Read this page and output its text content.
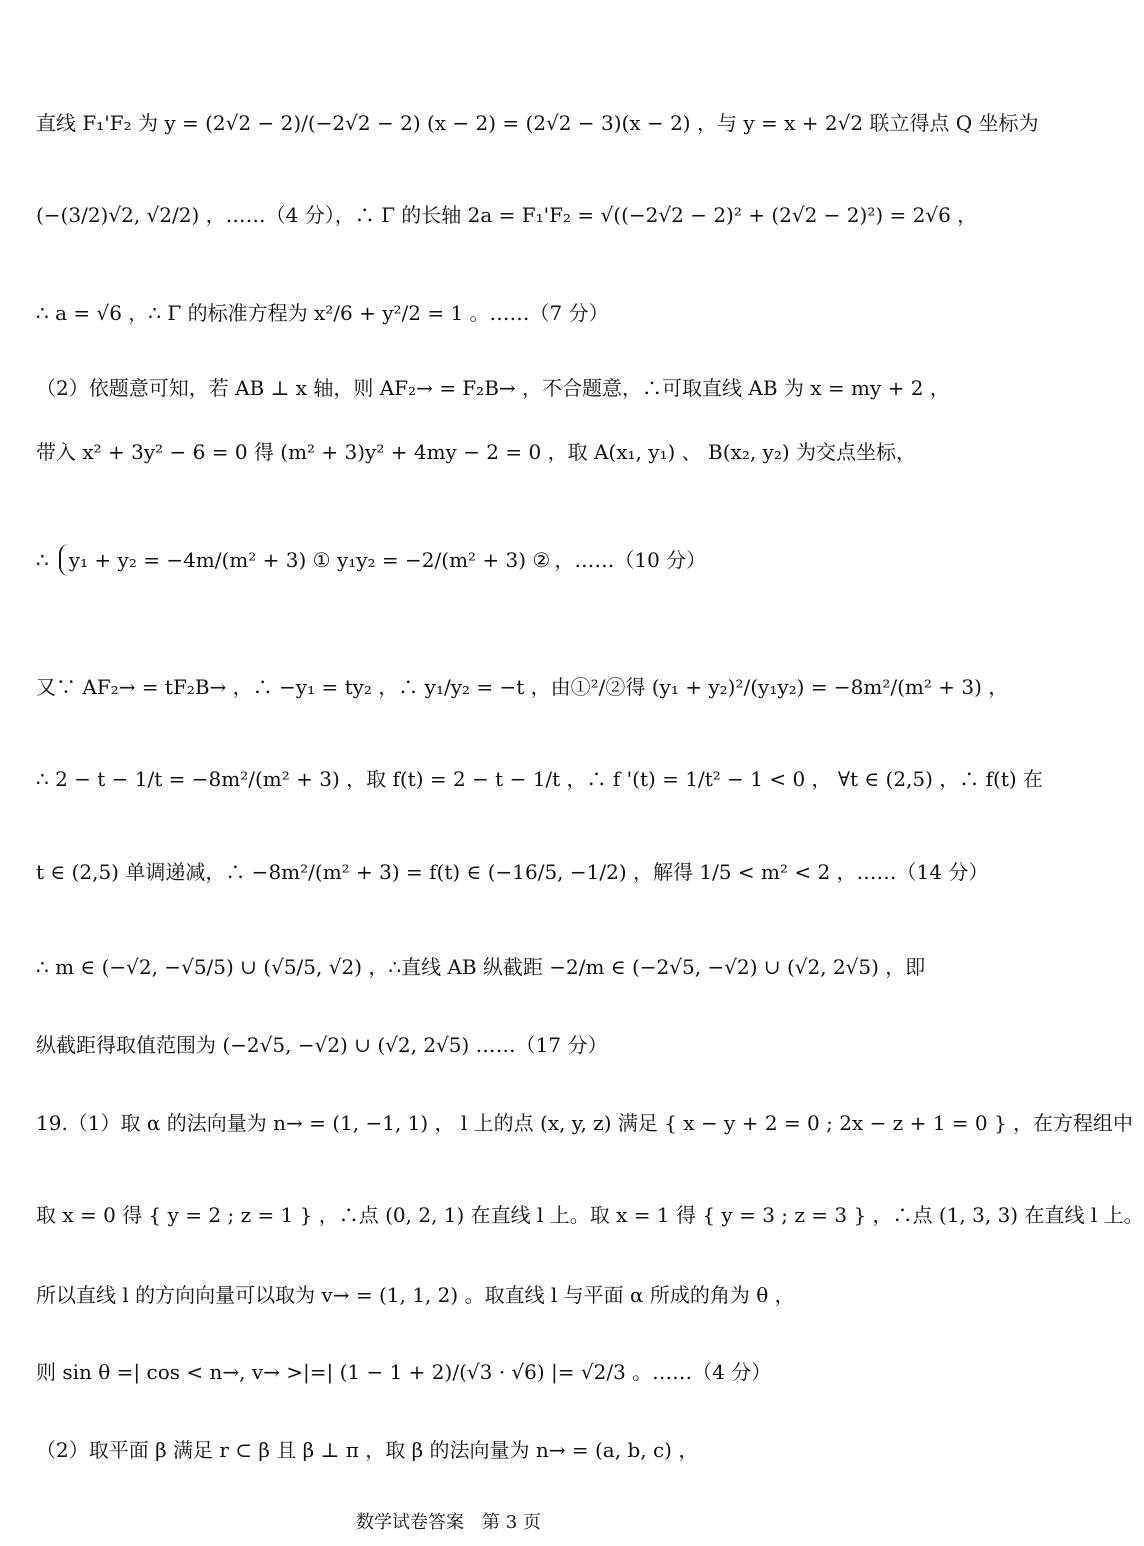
直线 F₁'F₂ 为 y = (2√2 − 2)/(−2√2 − 2) (x − 2) = (2√2 − 3)(x − 2) ，与 y = x + 2√2 联立得点 Q 坐标为
(−(3/2)√2, √2/2) ，……（4 分），∴ Γ 的长轴 2a = F₁'F₂ = √((−2√2 − 2)² + (2√2 − 2)²) = 2√6 ，
∴ a = √6 ，∴ Γ 的标准方程为 x²/6 + y²/2 = 1 。……（7 分）
（2）依题意可知，若 AB ⊥ x 轴，则 AF₂→ = F₂B→ ，不合题意，∴可取直线 AB 为 x = my + 2 ，
带入 x² + 3y² − 6 = 0 得 (m² + 3)y² + 4my − 2 = 0 ，取 A(x₁, y₁) 、 B(x₂, y₂) 为交点坐标，
∴	y₁ + y₂ = −4m/(m² + 3) ① y₁y₂ = −2/(m² + 3) ② ，……（10 分）
又∵ AF₂→ = tF₂B→ ，∴ −y₁ = ty₂ ，∴ y₁/y₂ = −t ，由①²/②得 (y₁ + y₂)²/(y₁y₂) = −8m²/(m² + 3) ，
∴ 2 − t − 1/t = −8m²/(m² + 3) ，取 f(t) = 2 − t − 1/t ，∴ f '(t) = 1/t² − 1 < 0 ， ∀t ∈ (2,5) ，∴ f(t) 在
t ∈ (2,5) 单调递减，∴ −8m²/(m² + 3) = f(t) ∈ (−16/5, −1/2) ，解得 1/5 < m² < 2 ，……（14 分）
∴ m ∈ (−√2, −√5/5) ∪ (√5/5, √2) ，∴直线 AB 纵截距 −2/m ∈ (−2√5, −√2) ∪ (√2, 2√5) ，即
纵截距得取值范围为 (−2√5, −√2) ∪ (√2, 2√5) ……（17 分）
19.（1）取 α 的法向量为 n→ = (1, −1, 1) ， l 上的点 (x, y, z) 满足 { x − y + 2 = 0 ; 2x − z + 1 = 0 } ，在方程组中
取 x = 0 得 { y = 2 ; z = 1 } ，∴点 (0, 2, 1) 在直线 l 上。取 x = 1 得 { y = 3 ; z = 3 } ，∴点 (1, 3, 3) 在直线 l 上。
所以直线 l 的方向向量可以取为 v→ = (1, 1, 2) 。取直线 l 与平面 α 所成的角为 θ ，
则 sin θ =| cos < n→, v→ >|=| (1 − 1 + 2)/(√3 · √6) |= √2/3 。……（4 分）
（2）取平面 β 满足 r ⊂ β 且 β ⊥ π ，取 β 的法向量为 n→ = (a, b, c) ，
数学试卷答案　第 3 页
